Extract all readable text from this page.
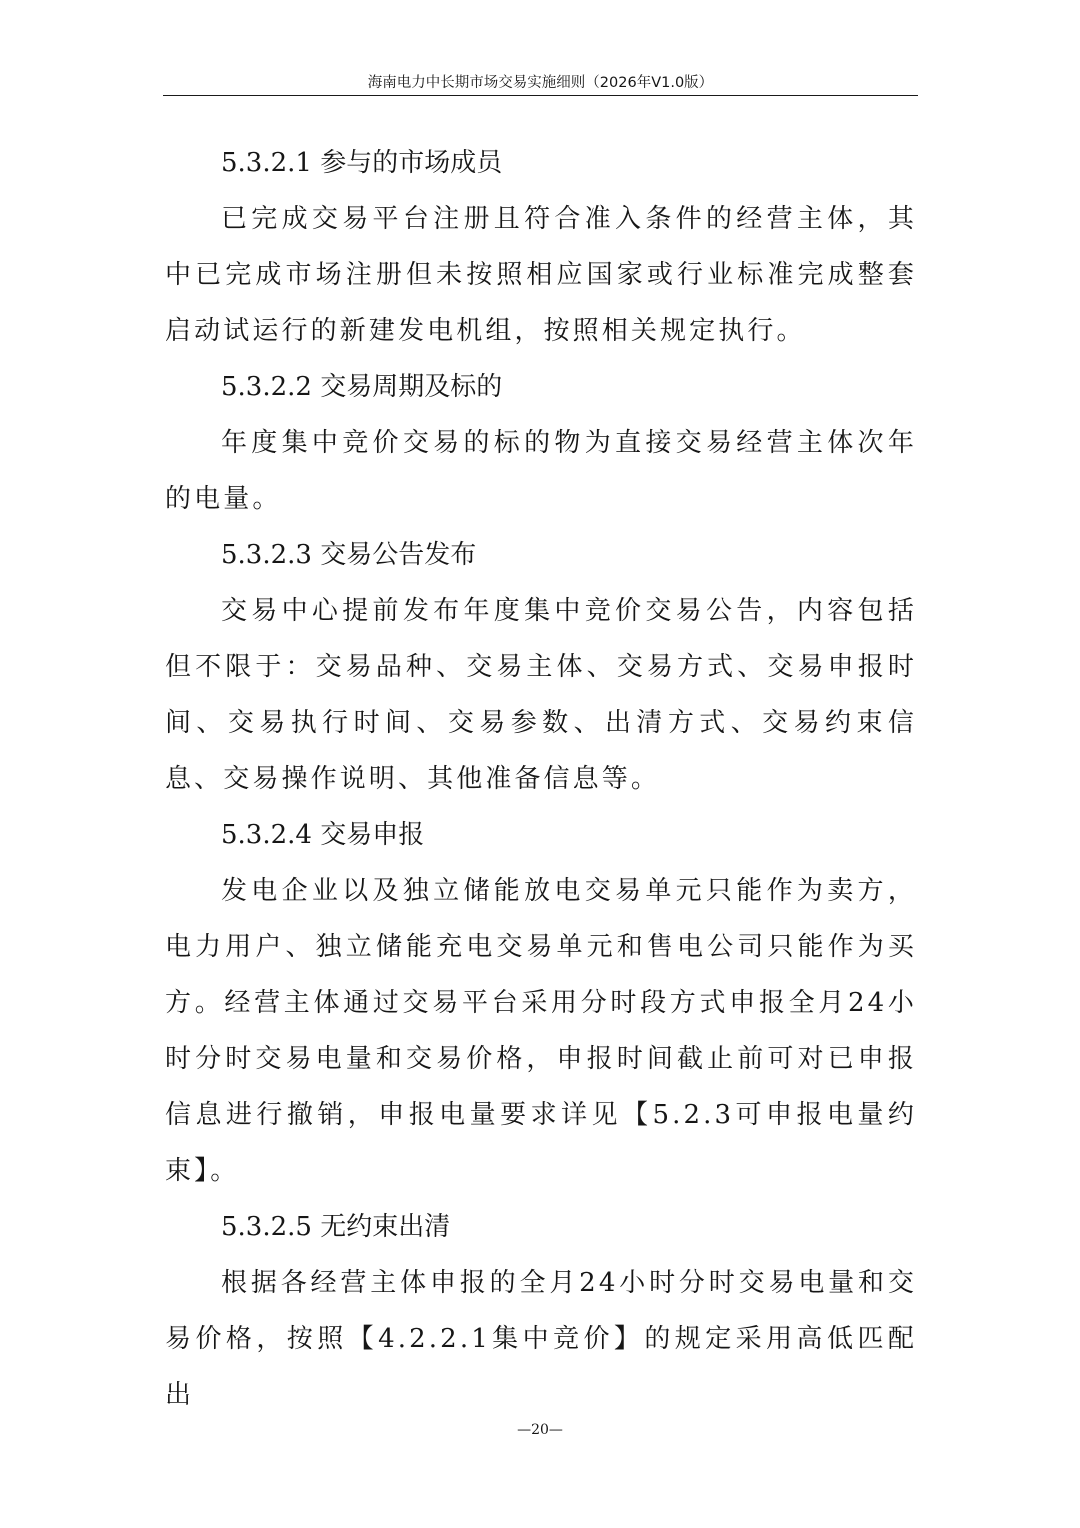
海南电力中长期市场交易实施细则（2026年V1.0版）

5.3.2.1 参与的市场成员

已完成交易平台注册且符合准入条件的经营主体，其中已完成市场注册但未按照相应国家或行业标准完成整套启动试运行的新建发电机组，按照相关规定执行。

5.3.2.2 交易周期及标的

年度集中竞价交易的标的物为直接交易经营主体次年的电量。

5.3.2.3 交易公告发布

交易中心提前发布年度集中竞价交易公告，内容包括但不限于：交易品种、交易主体、交易方式、交易申报时间、交易执行时间、交易参数、出清方式、交易约束信息、交易操作说明、其他准备信息等。

5.3.2.4 交易申报

发电企业以及独立储能放电交易单元只能作为卖方，电力用户、独立储能充电交易单元和售电公司只能作为买方。经营主体通过交易平台采用分时段方式申报全月24小时分时交易电量和交易价格，申报时间截止前可对已申报信息进行撤销，申报电量要求详见【5.2.3可申报电量约束】。

5.3.2.5 无约束出清

根据各经营主体申报的全月24小时分时交易电量和交易价格，按照【4.2.2.1集中竞价】的规定采用高低匹配出

—20—
